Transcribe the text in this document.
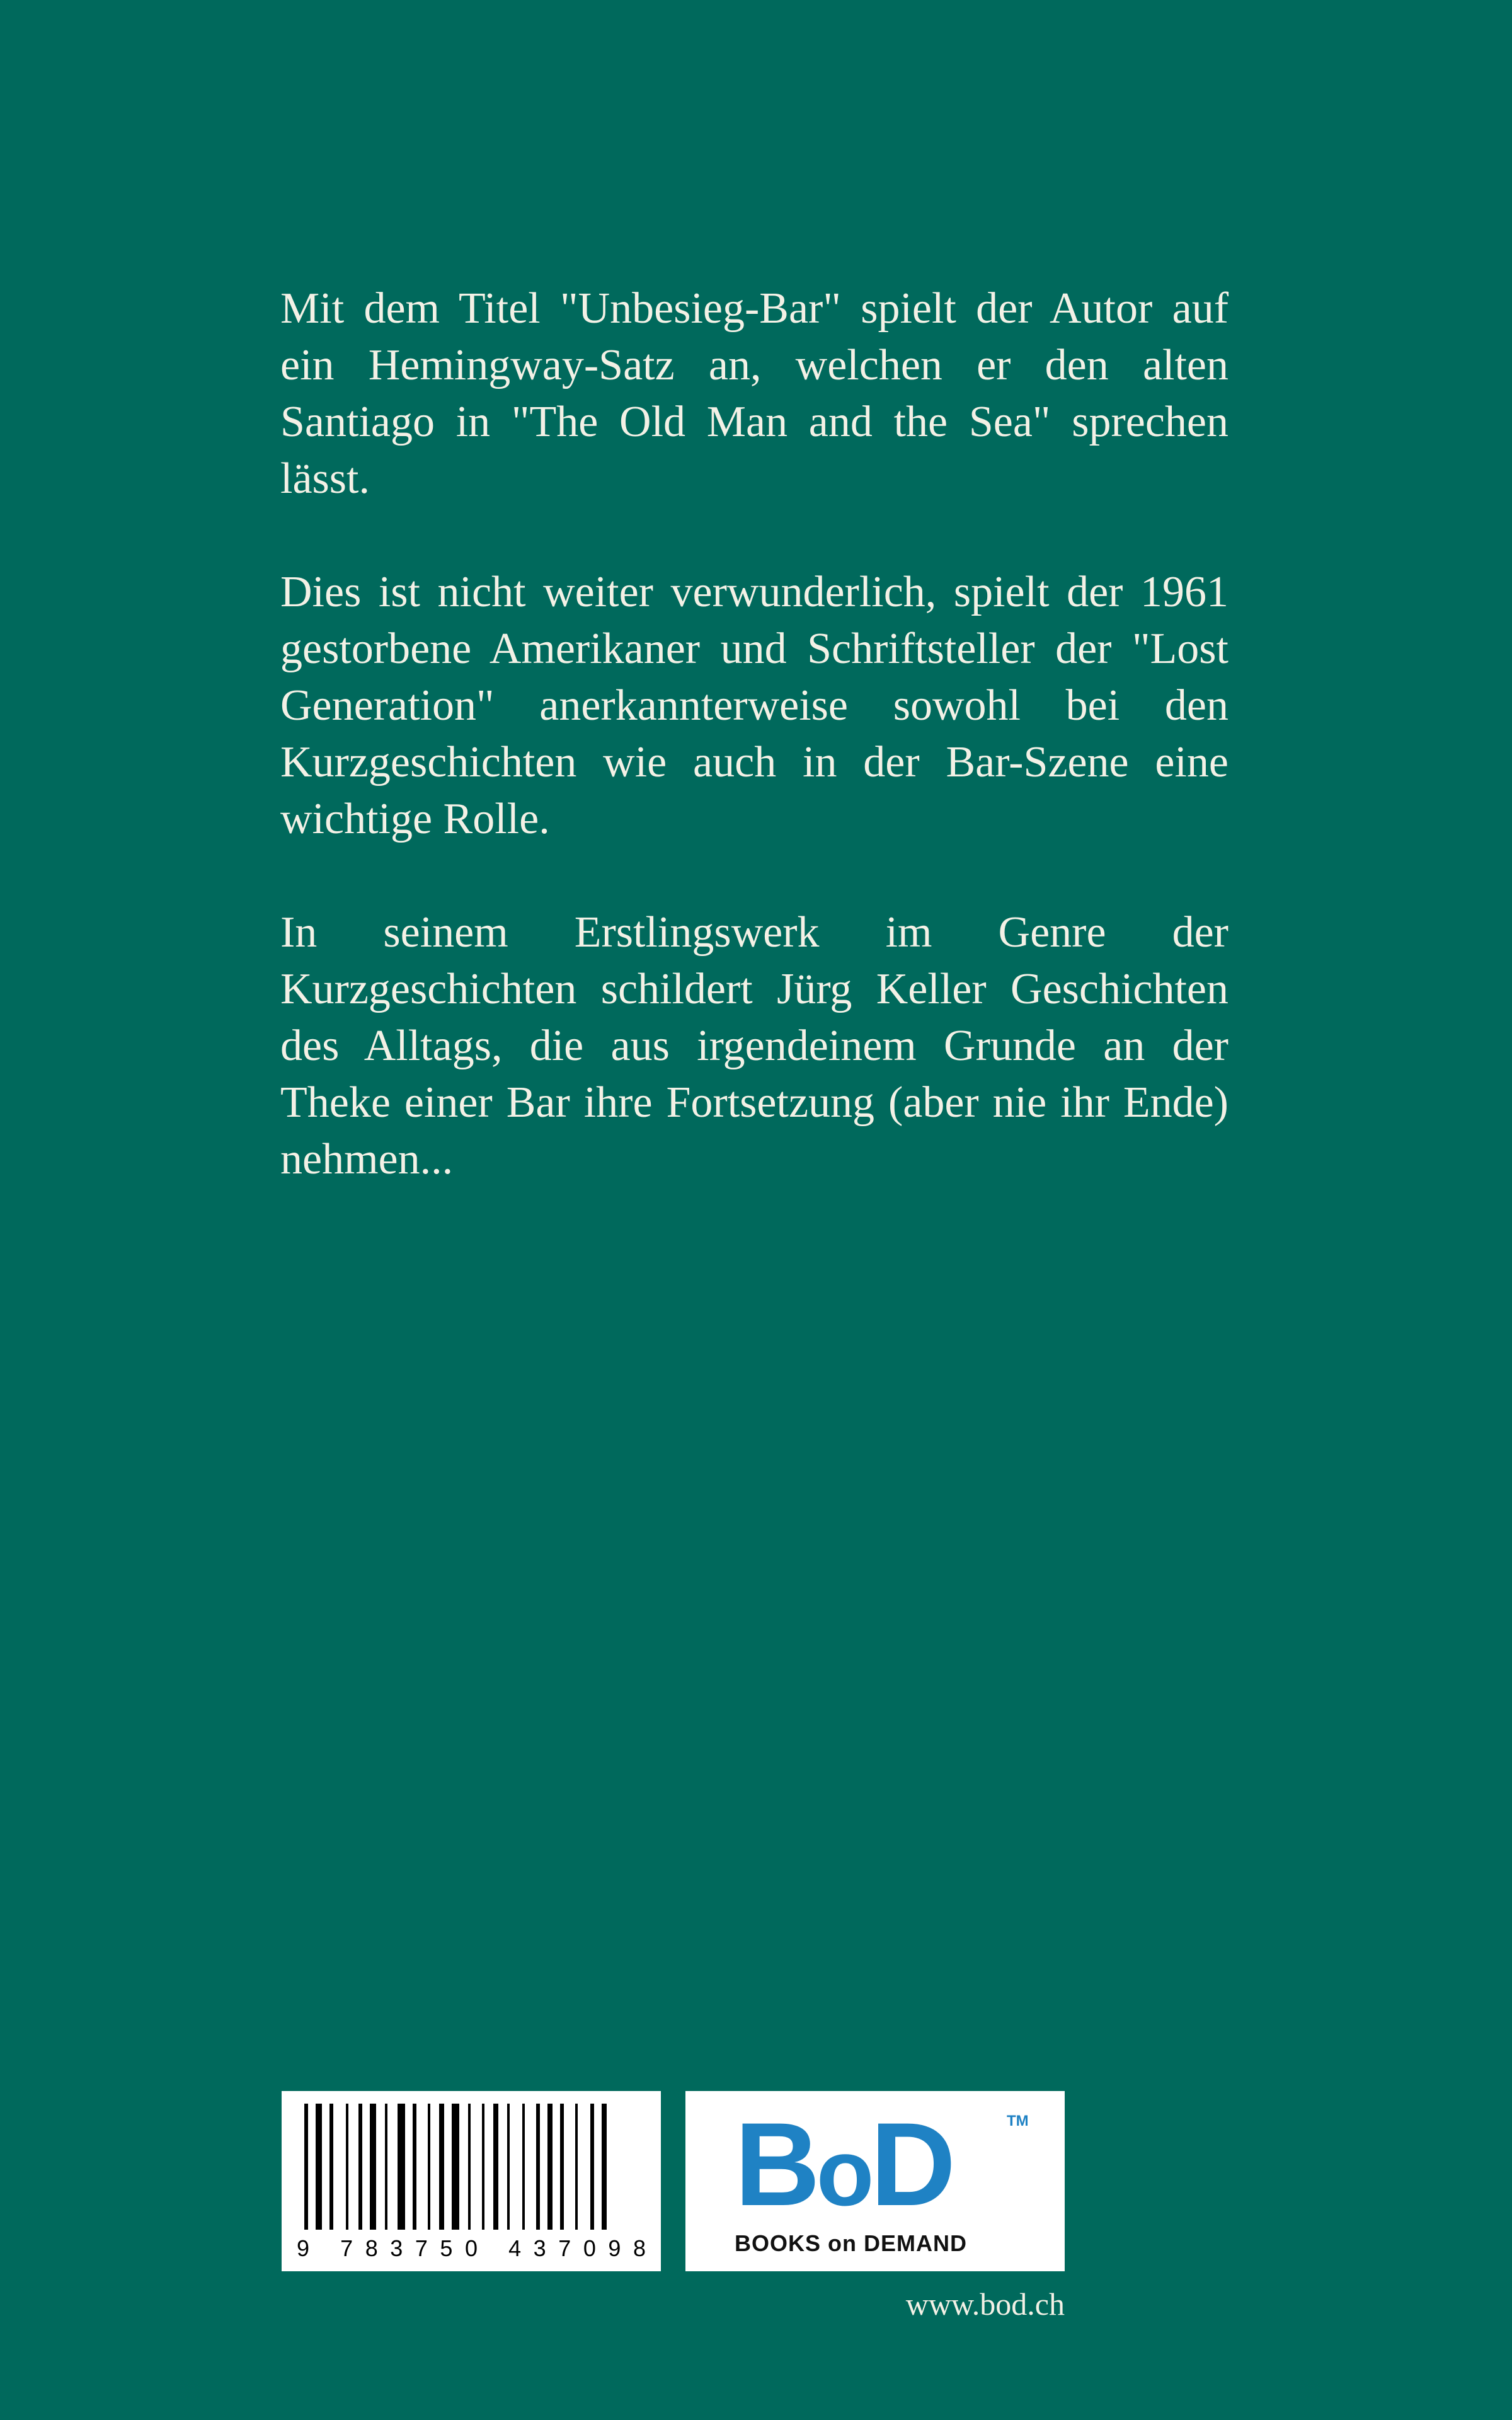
Mit dem Titel "Unbesieg-Bar" spielt der Autor auf ein Hemingway-Satz an, welchen er den alten Santiago in "The Old Man and the Sea" sprechen lässt.

Dies ist nicht weiter verwunderlich, spielt der 1961 gestorbene Amerikaner und Schriftsteller der "Lost Generation" anerkannterweise sowohl bei den Kurzgeschichten wie auch in der Bar-Szene eine wichtige Rolle.

In seinem Erstlingswerk im Genre der Kurzgeschichten schildert Jürg Keller Geschichten des Alltags, die aus irgendeinem Grunde an der Theke einer Bar ihre Fortsetzung (aber nie ihr Ende) nehmen...

9 783750 437098
BoD	TM
BOOKS on DEMAND
www.bod.ch
